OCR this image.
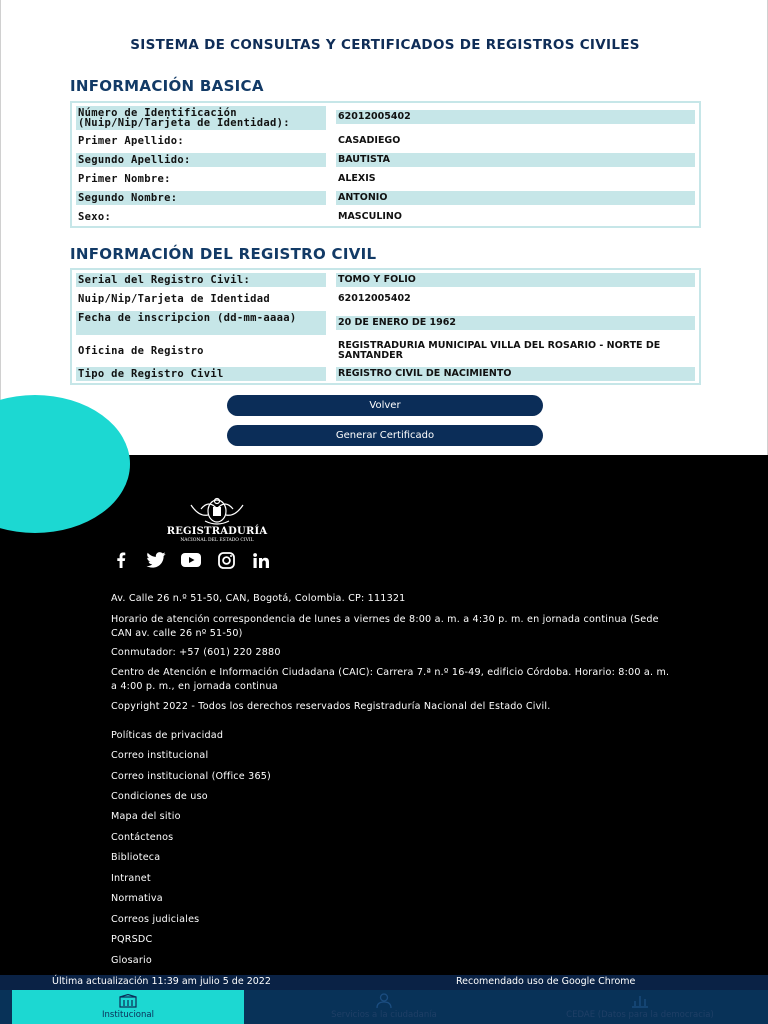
SISTEMA DE CONSULTAS Y CERTIFICADOS DE REGISTROS CIVILES
INFORMACIÓN BASICA
Número de Identificación (Nuip/Nip/Tarjeta de Identidad):
62012005402
Primer Apellido:	CASADIEGO
Segundo Apellido:	BAUTISTA
Primer Nombre:	ALEXIS
Segundo Nombre:	ANTONIO
Sexo:	MASCULINO
INFORMACIÓN DEL REGISTRO CIVIL
Serial del Registro Civil:	TOMO Y FOLIO
Nuip/Nip/Tarjeta de Identidad	62012005402
Fecha de inscripcion (dd-mm-aaaa)	20 DE ENERO DE 1962
Oficina de Registro	REGISTRADURIA MUNICIPAL VILLA DEL ROSARIO - NORTE DE SANTANDER
Tipo de Registro Civil	REGISTRO CIVIL DE NACIMIENTO
Volver
Generar Certificado
REGISTRADURÍA
NACIONAL DEL ESTADO CIVIL
Av. Calle 26 n.º 51-50, CAN, Bogotá, Colombia. CP: 111321
Horario de atención correspondencia de lunes a viernes de 8:00 a. m. a 4:30 p. m. en jornada continua (Sede CAN av. calle 26 nº 51-50)
Conmutador: +57 (601) 220 2880
Centro de Atención e Información Ciudadana (CAIC): Carrera 7.ª n.º 16-49, edificio Córdoba. Horario: 8:00 a. m. a 4:00 p. m., en jornada continua
Copyright 2022 - Todos los derechos reservados Registraduría Nacional del Estado Civil.
Políticas de privacidad
Correo institucional
Correo institucional (Office 365)
Condiciones de uso
Mapa del sitio
Contáctenos
Biblioteca
Intranet
Normativa
Correos judiciales
PQRSDC
Glosario
Última actualización 11:39 am julio 5 de 2022	Recomendado uso de Google Chrome
Institucional	Servicios a la ciudadanía	CEDAE (Datos para la democracia)
